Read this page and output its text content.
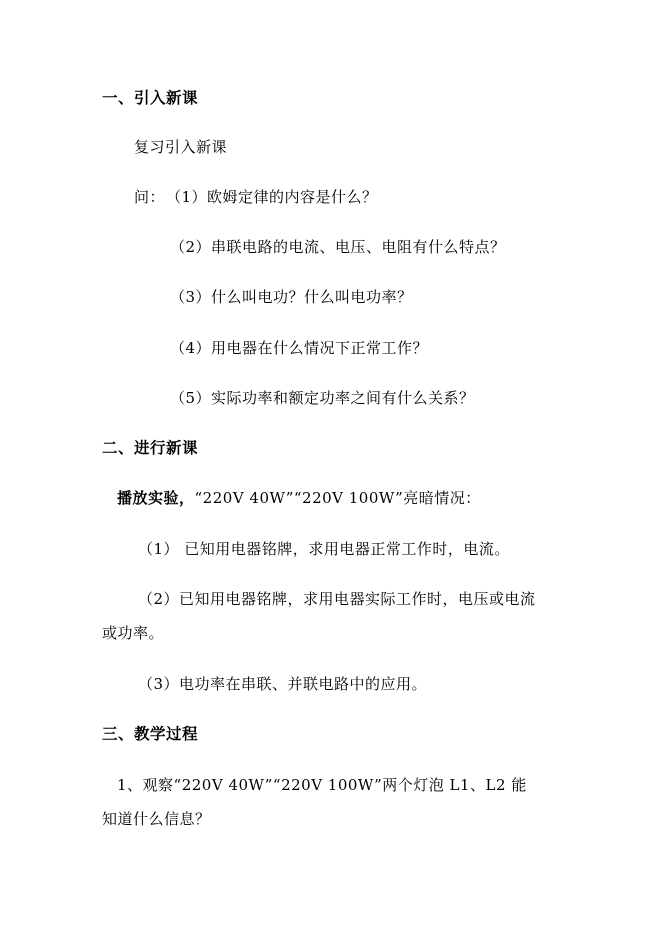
一、引入新课
复习引入新课
问： （1）欧姆定律的内容是什么？
（2）串联电路的电流、电压、电阻有什么特点？
（3）什么叫电功？什么叫电功率？
（4）用电器在什么情况下正常工作？
（5）实际功率和额定功率之间有什么关系？
二、进行新课
播放实验，“220V 40W”“220V 100W”亮暗情况：
（1） 已知用电器铭牌，求用电器正常工作时，电流。
（2）已知用电器铭牌，求用电器实际工作时，电压或电流
或功率。
（3）电功率在串联、并联电路中的应用。
三、教学过程
1、观察“220V 40W”“220V 100W”两个灯泡 L1、L2 能
知道什么信息？
